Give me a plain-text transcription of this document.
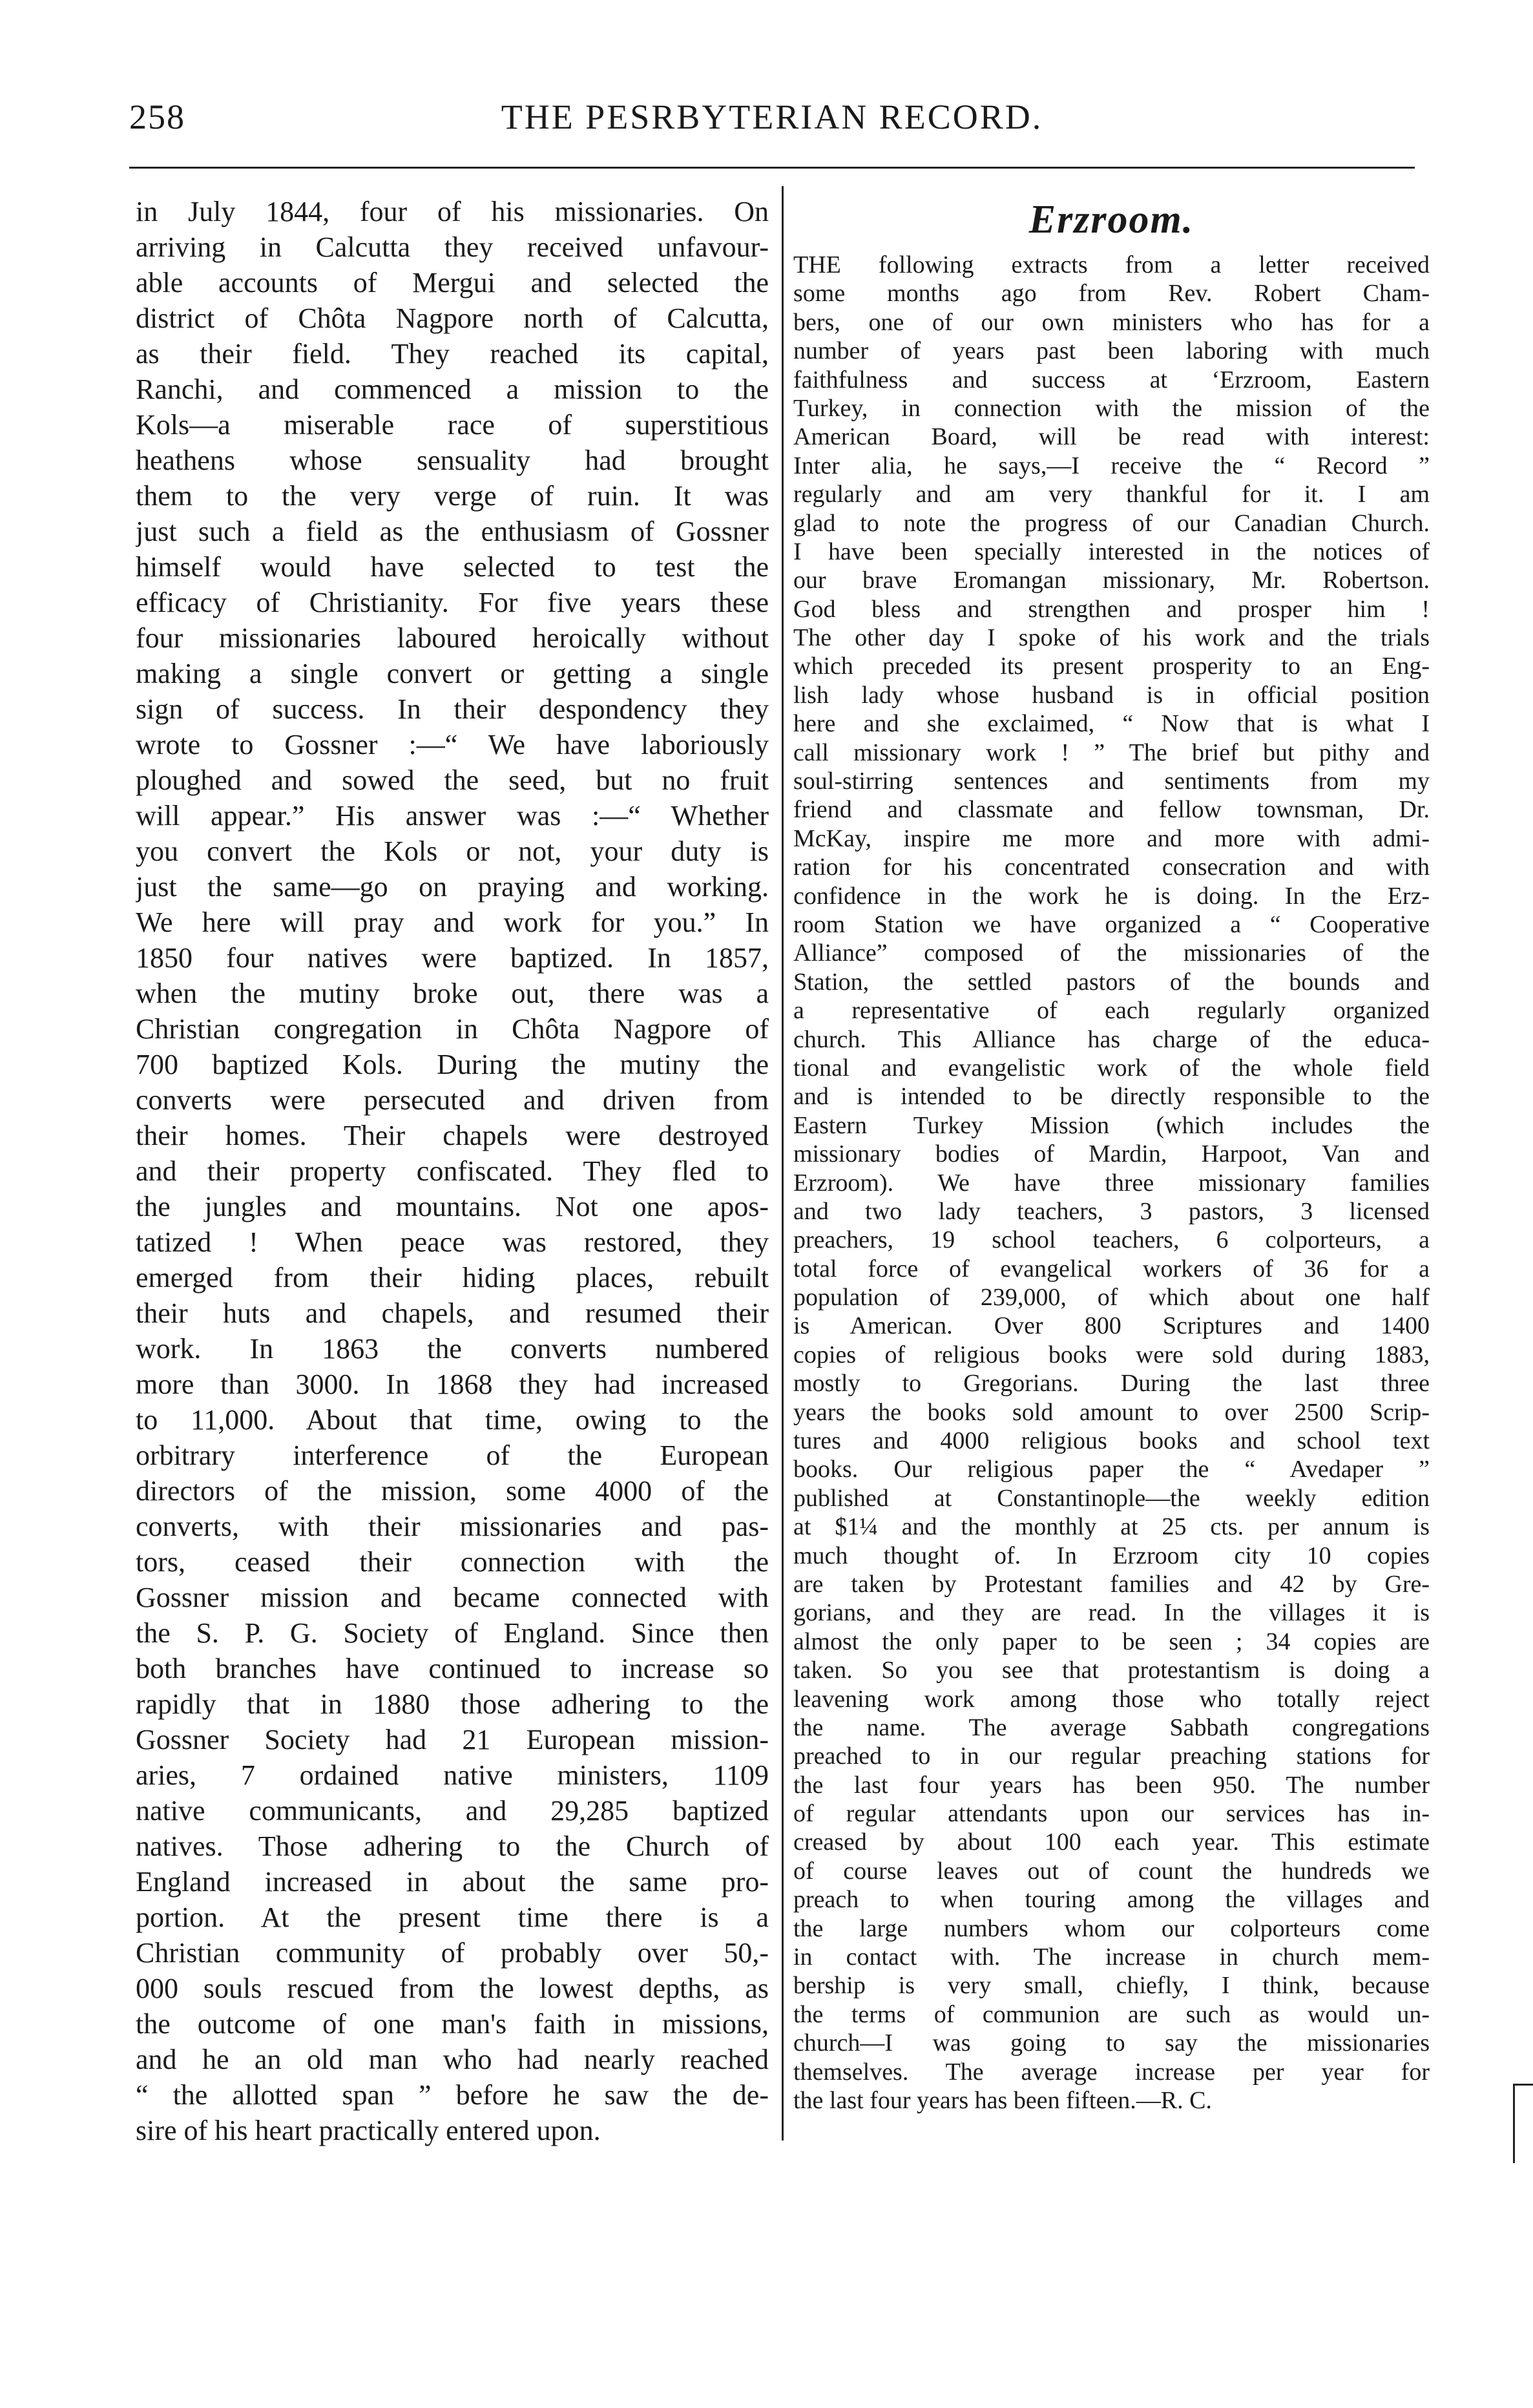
258	THE PESRBYTERIAN RECORD.
in July 1844, four of his missionaries. On
arriving in Calcutta they received unfavour-
able accounts of Mergui and selected the
district of Chôta Nagpore north of Calcutta,
as their field. They reached its capital,
Ranchi, and commenced a mission to the
Kols—a miserable race of superstitious
heathens whose sensuality had brought
them to the very verge of ruin. It was
just such a field as the enthusiasm of Gossner
himself would have selected to test the
efficacy of Christianity. For five years these
four missionaries laboured heroically without
making a single convert or getting a single
sign of success. In their despondency they
wrote to Gossner :—“ We have laboriously
ploughed and sowed the seed, but no fruit
will appear.” His answer was :—“ Whether
you convert the Kols or not, your duty is
just the same—go on praying and working.
We here will pray and work for you.” In
1850 four natives were baptized. In 1857,
when the mutiny broke out, there was a
Christian congregation in Chôta Nagpore of
700 baptized Kols. During the mutiny the
converts were persecuted and driven from
their homes. Their chapels were destroyed
and their property confiscated. They fled to
the jungles and mountains. Not one apos-
tatized ! When peace was restored, they
emerged from their hiding places, rebuilt
their huts and chapels, and resumed their
work. In 1863 the converts numbered
more than 3000. In 1868 they had increased
to 11,000. About that time, owing to the
orbitrary interference of the European
directors of the mission, some 4000 of the
converts, with their missionaries and pas-
tors, ceased their connection with the
Gossner mission and became connected with
the S. P. G. Society of England. Since then
both branches have continued to increase so
rapidly that in 1880 those adhering to the
Gossner Society had 21 European mission-
aries, 7 ordained native ministers, 1109
native communicants, and 29,285 baptized
natives. Those adhering to the Church of
England increased in about the same pro-
portion. At the present time there is a
Christian community of probably over 50,-
000 souls rescued from the lowest depths, as
the outcome of one man's faith in missions,
and he an old man who had nearly reached
“ the allotted span ” before he saw the de-
sire of his heart practically entered upon.
Erzroom.
THE following extracts from a letter received
some months ago from Rev. Robert Cham-
bers, one of our own ministers who has for a
number of years past been laboring with much
faithfulness and success at ‘Erzroom, Eastern
Turkey, in connection with the mission of the
American Board, will be read with interest:
Inter alia, he says,—I receive the “ Record ”
regularly and am very thankful for it. I am
glad to note the progress of our Canadian Church.
I have been specially interested in the notices of
our brave Eromangan missionary, Mr. Robertson.
God bless and strengthen and prosper him !
The other day I spoke of his work and the trials
which preceded its present prosperity to an Eng-
lish lady whose husband is in official position
here and she exclaimed, “ Now that is what I
call missionary work ! ” The brief but pithy and
soul-stirring sentences and sentiments from my
friend and classmate and fellow townsman, Dr.
McKay, inspire me more and more with admi-
ration for his concentrated consecration and with
confidence in the work he is doing. In the Erz-
room Station we have organized a “ Cooperative
Alliance” composed of the missionaries of the
Station, the settled pastors of the bounds and
a representative of each regularly organized
church. This Alliance has charge of the educa-
tional and evangelistic work of the whole field
and is intended to be directly responsible to the
Eastern Turkey Mission (which includes the
missionary bodies of Mardin, Harpoot, Van and
Erzroom). We have three missionary families
and two lady teachers, 3 pastors, 3 licensed
preachers, 19 school teachers, 6 colporteurs, a
total force of evangelical workers of 36 for a
population of 239,000, of which about one half
is American. Over 800 Scriptures and 1400
copies of religious books were sold during 1883,
mostly to Gregorians. During the last three
years the books sold amount to over 2500 Scrip-
tures and 4000 religious books and school text
books. Our religious paper the “ Avedaper ”
published at Constantinople—the weekly edition
at $1¼ and the monthly at 25 cts. per annum is
much thought of. In Erzroom city 10 copies
are taken by Protestant families and 42 by Gre-
gorians, and they are read. In the villages it is
almost the only paper to be seen ; 34 copies are
taken. So you see that protestantism is doing a
leavening work among those who totally reject
the name. The average Sabbath congregations
preached to in our regular preaching stations for
the last four years has been 950. The number
of regular attendants upon our services has in-
creased by about 100 each year. This estimate
of course leaves out of count the hundreds we
preach to when touring among the villages and
the large numbers whom our colporteurs come
in contact with. The increase in church mem-
bership is very small, chiefly, I think, because
the terms of communion are such as would un-
church—I was going to say the missionaries
themselves. The average increase per year for
the last four years has been fifteen.—R. C.
